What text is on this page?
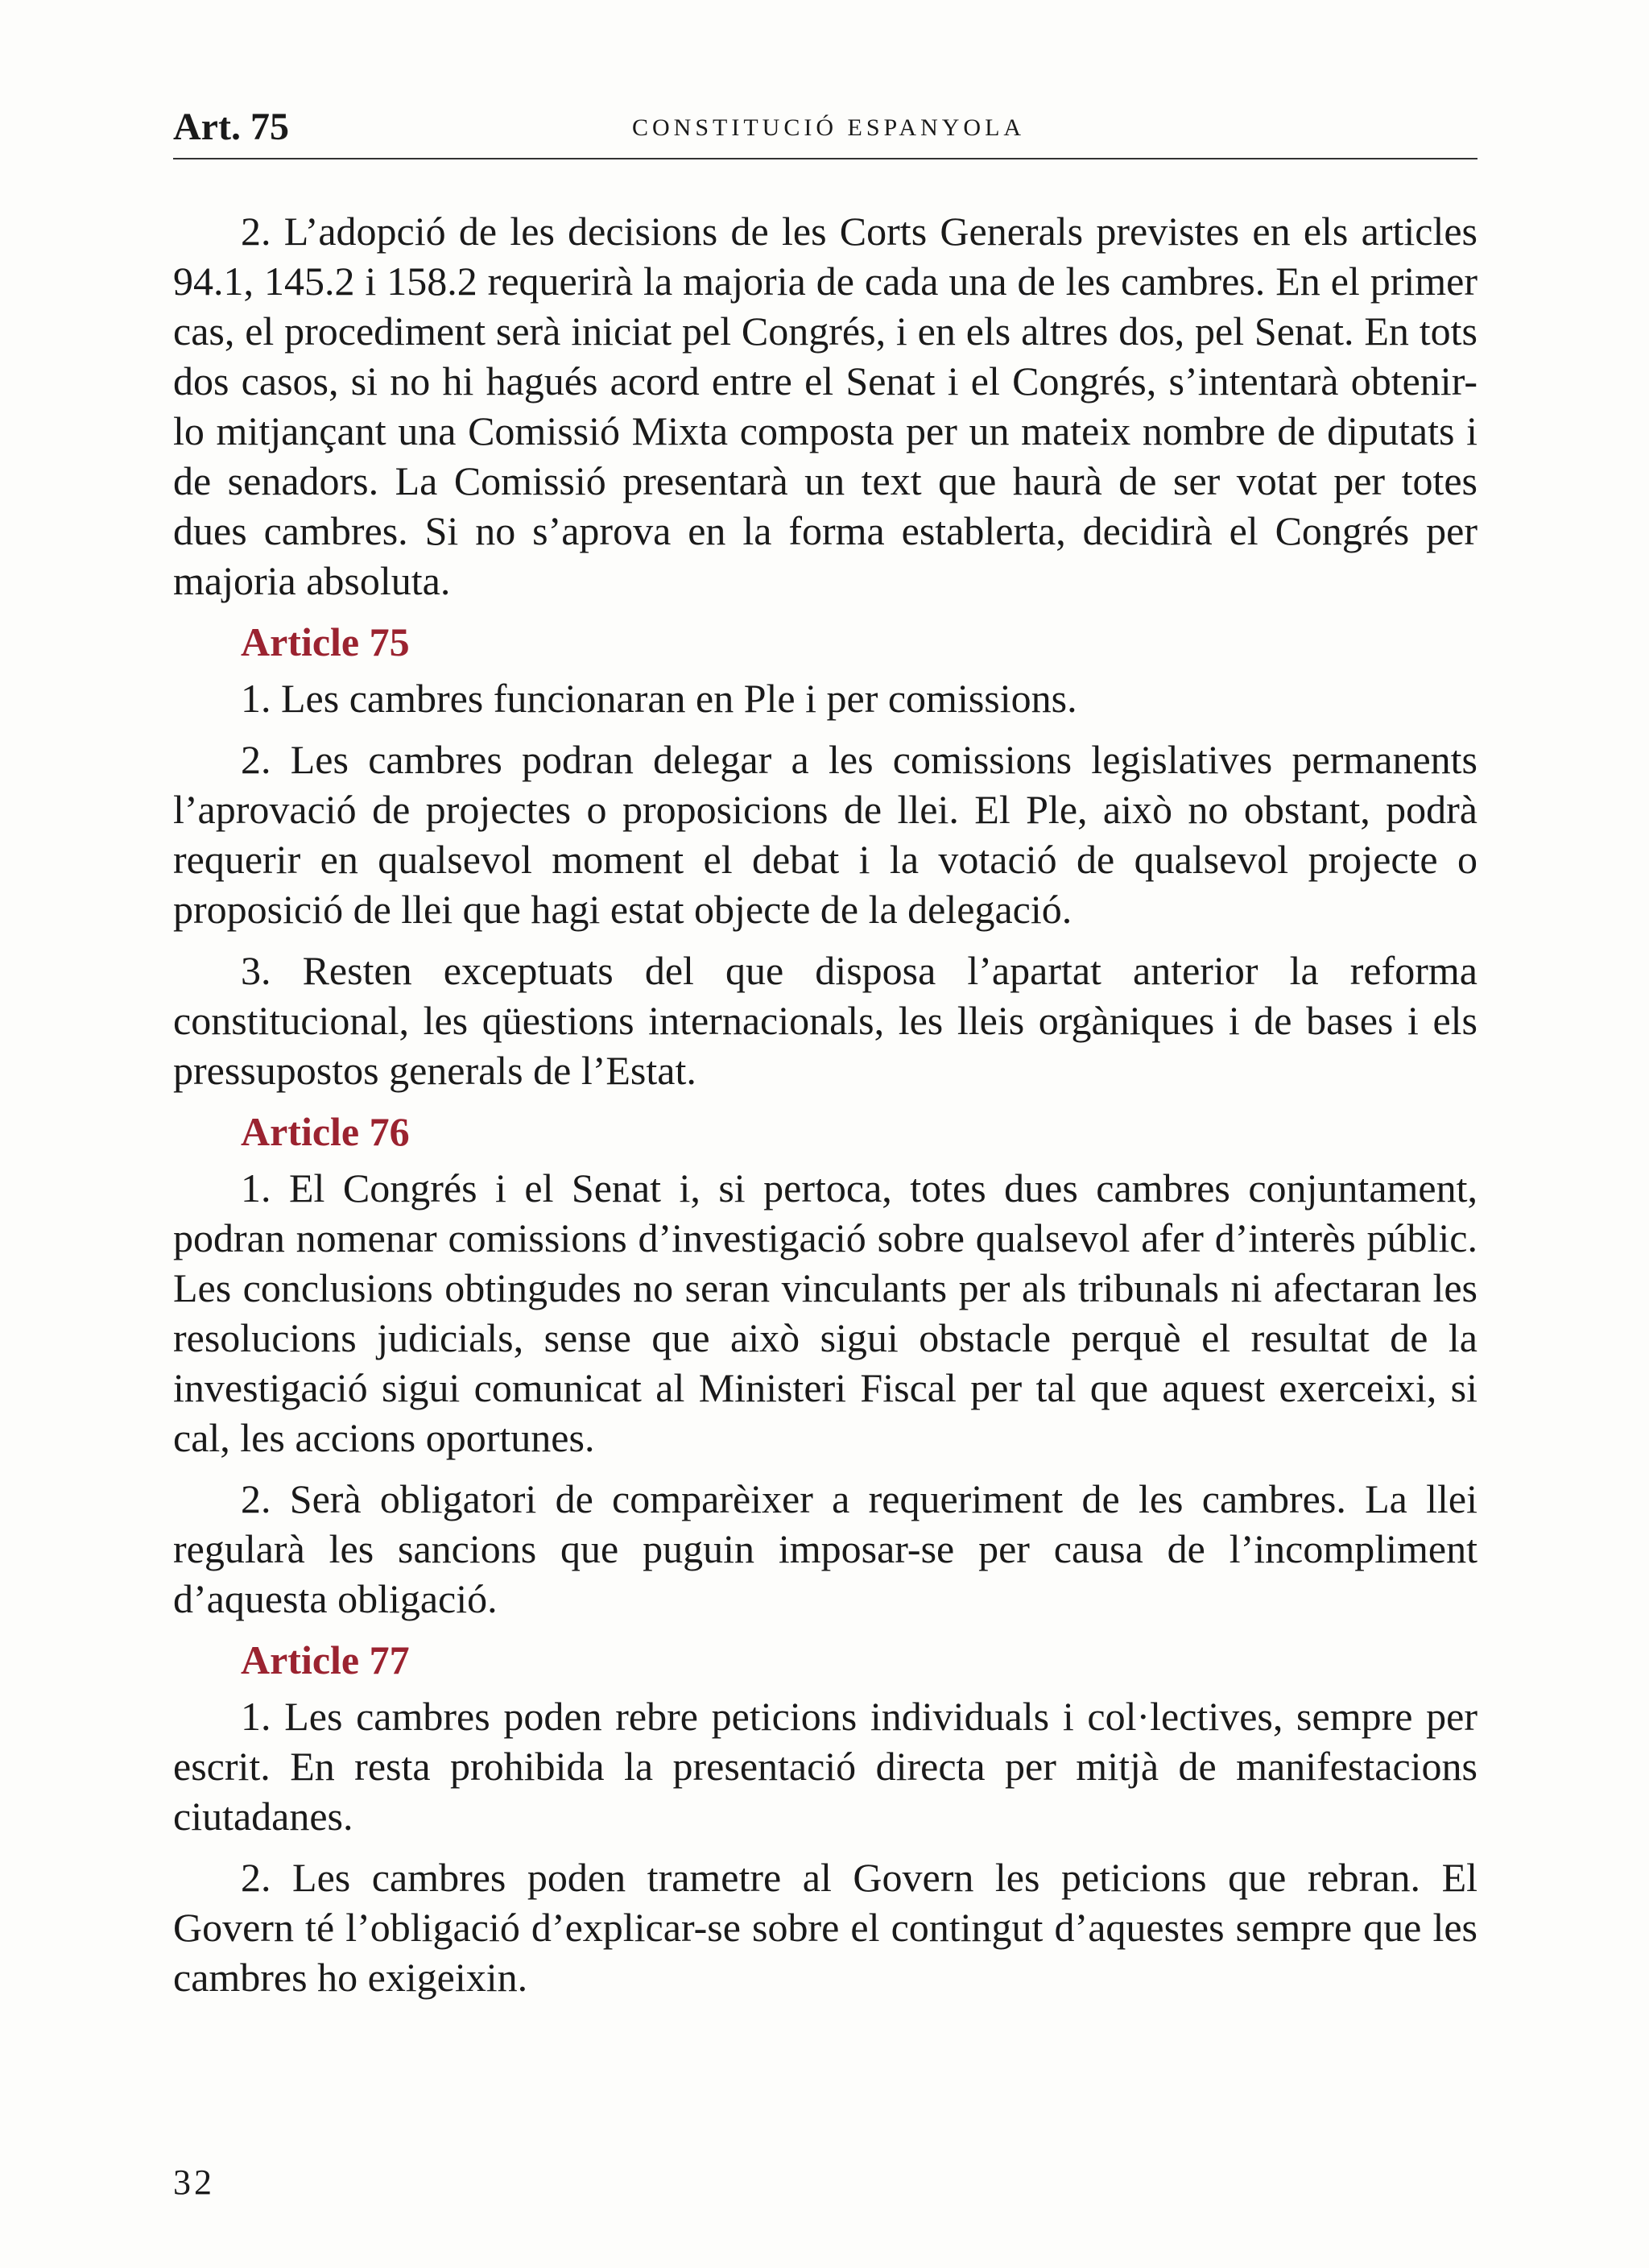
Art. 75	CONSTITUCIÓ ESPANYOLA

2. L’adopció de les decisions de les Corts Generals previstes en els articles 94.1, 145.2 i 158.2 requerirà la majoria de cada una de les cambres. En el primer cas, el procediment serà iniciat pel Congrés, i en els altres dos, pel Senat. En tots dos casos, si no hi hagués acord entre el Senat i el Congrés, s’intentarà obtenir-lo mitjançant una Comissió Mixta composta per un mateix nombre de diputats i de senadors. La Comissió presentarà un text que haurà de ser votat per totes dues cambres. Si no s’aprova en la forma establerta, decidirà el Congrés per majoria absoluta.

Article 75

1. Les cambres funcionaran en Ple i per comissions.

2. Les cambres podran delegar a les comissions legislatives permanents l’aprovació de projectes o proposicions de llei. El Ple, això no obstant, podrà requerir en qualsevol moment el debat i la votació de qualsevol projecte o proposició de llei que hagi estat objecte de la delegació.

3. Resten exceptuats del que disposa l’apartat anterior la reforma constitucional, les qüestions internacionals, les lleis orgàniques i de bases i els pressupostos generals de l’Estat.

Article 76

1. El Congrés i el Senat i, si pertoca, totes dues cambres conjuntament, podran nomenar comissions d’investigació sobre qualsevol afer d’interès públic. Les conclusions obtingudes no seran vinculants per als tribunals ni afectaran les resolucions judicials, sense que això sigui obstacle perquè el resultat de la investigació sigui comunicat al Ministeri Fiscal per tal que aquest exerceixi, si cal, les accions oportunes.

2. Serà obligatori de comparèixer a requeriment de les cambres. La llei regularà les sancions que puguin imposar-se per causa de l’incompliment d’aquesta obligació.

Article 77

1. Les cambres poden rebre peticions individuals i col·lectives, sempre per escrit. En resta prohibida la presentació directa per mitjà de manifestacions ciutadanes.

2. Les cambres poden trametre al Govern les peticions que rebran. El Govern té l’obligació d’explicar-se sobre el contingut d’aquestes sempre que les cambres ho exigeixin.

32
